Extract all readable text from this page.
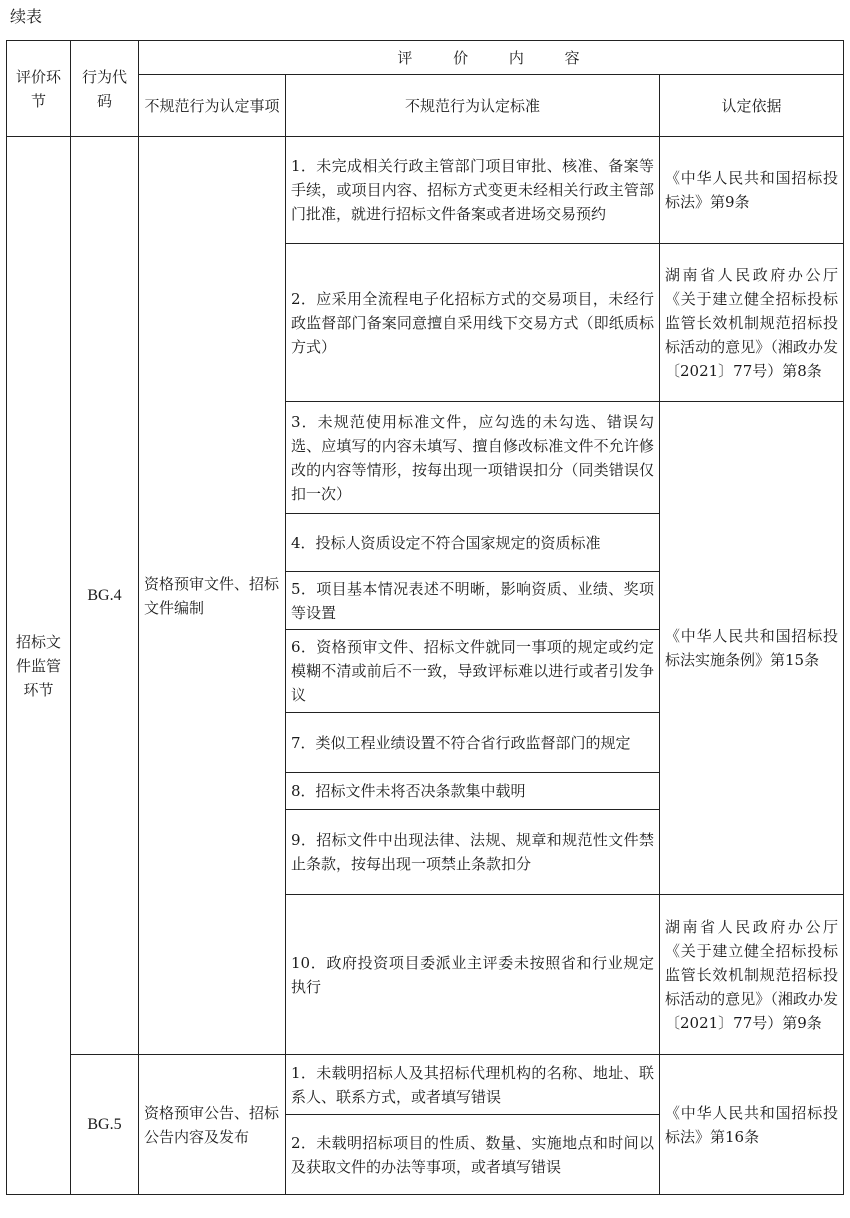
续表
评价环节	行为代码	评 价 内 容		
		不规范行为认定事项	不规范行为认定标准	认定依据
招标文件监管环节	BG.4	资格预审文件、招标文件编制	1．未完成相关行政主管部门项目审批、核准、备案等手续，或项目内容、招标方式变更未经相关行政主管部门批准，就进行招标文件备案或者进场交易预约	《中华人民共和国招标投标法》第9条
			2．应采用全流程电子化招标方式的交易项目，未经行政监督部门备案同意擅自采用线下交易方式（即纸质标方式）	湖南省人民政府办公厅《关于建立健全招标投标监管长效机制规范招标投标活动的意见》（湘政办发〔2021〕77号）第8条
			3．未规范使用标准文件，应勾选的未勾选、错误勾选、应填写的内容未填写、擅自修改标准文件不允许修改的内容等情形，按每出现一项错误扣分（同类错误仅扣一次）	《中华人民共和国招标投标法实施条例》第15条
			4．投标人资质设定不符合国家规定的资质标准	
			5．项目基本情况表述不明晰，影响资质、业绩、奖项等设置	
			6．资格预审文件、招标文件就同一事项的规定或约定模糊不清或前后不一致，导致评标难以进行或者引发争议	
			7．类似工程业绩设置不符合省行政监督部门的规定	
			8．招标文件未将否决条款集中载明	
			9．招标文件中出现法律、法规、规章和规范性文件禁止条款，按每出现一项禁止条款扣分	
			10．政府投资项目委派业主评委未按照省和行业规定执行	湖南省人民政府办公厅《关于建立健全招标投标监管长效机制规范招标投标活动的意见》（湘政办发〔2021〕77号）第9条
	BG.5	资格预审公告、招标公告内容及发布	1．未载明招标人及其招标代理机构的名称、地址、联系人、联系方式，或者填写错误	《中华人民共和国招标投标法》第16条
			2．未载明招标项目的性质、数量、实施地点和时间以及获取文件的办法等事项，或者填写错误	
